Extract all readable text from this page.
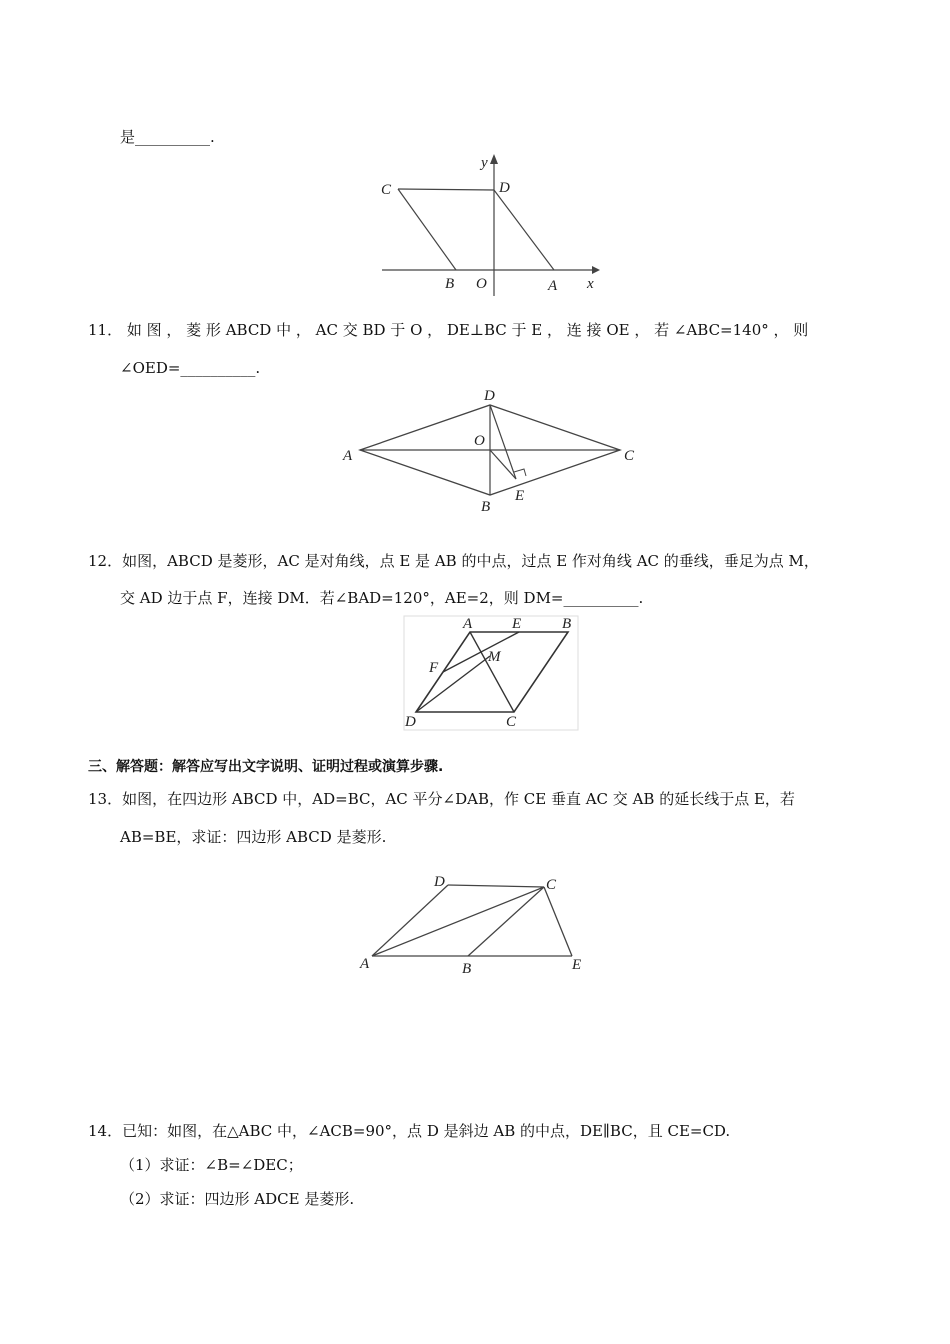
是__________.
C	D
B O	A x
y
11． 如 图 ， 菱 形 ABCD 中 ， AC 交 BD 于 O ， DE⊥BC 于 E ， 连 接 OE ， 若 ∠ABC=140° ， 则
∠OED=__________.
D
O
A	C
B
E
12．如图，ABCD 是菱形，AC 是对角线，点 E 是 AB 的中点，过点 E 作对角线 AC 的垂线，垂足为点 M，
交 AD 边于点 F，连接 DM．若∠BAD=120°，AE=2，则 DM=__________.
A	E	B
F
M
D	C
三、解答题：解答应写出文字说明、证明过程或演算步骤.
13．如图，在四边形 ABCD 中，AD=BC，AC 平分∠DAB，作 CE 垂直 AC 交 AB 的延长线于点 E，若
AB=BE，求证：四边形 ABCD 是菱形.
D	C
A	B	E
14．已知：如图，在△ABC 中，∠ACB=90°，点 D 是斜边 AB 的中点，DE∥BC，且 CE=CD.
（1）求证：∠B=∠DEC；
（2）求证：四边形 ADCE 是菱形.
